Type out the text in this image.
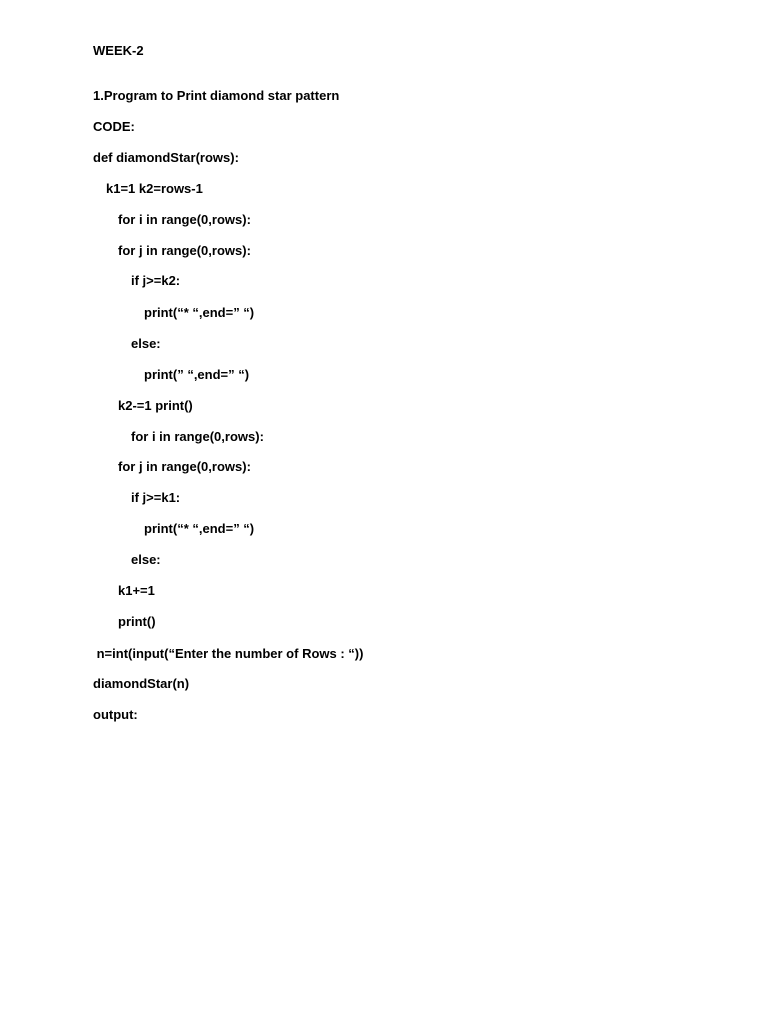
WEEK-2
1.Program to Print diamond star pattern
CODE:
def diamondStar(rows):
k1=1 k2=rows-1
for i in range(0,rows):
for j in range(0,rows):
if j>=k2:
print(“* “,end=” “)
else:
print(” “,end=” “)
k2-=1 print()
for i in range(0,rows):
for j in range(0,rows):
if j>=k1:
print(“* “,end=” “)
else:
k1+=1
print()
n=int(input(“Enter the number of Rows : “))
diamondStar(n)
output:
